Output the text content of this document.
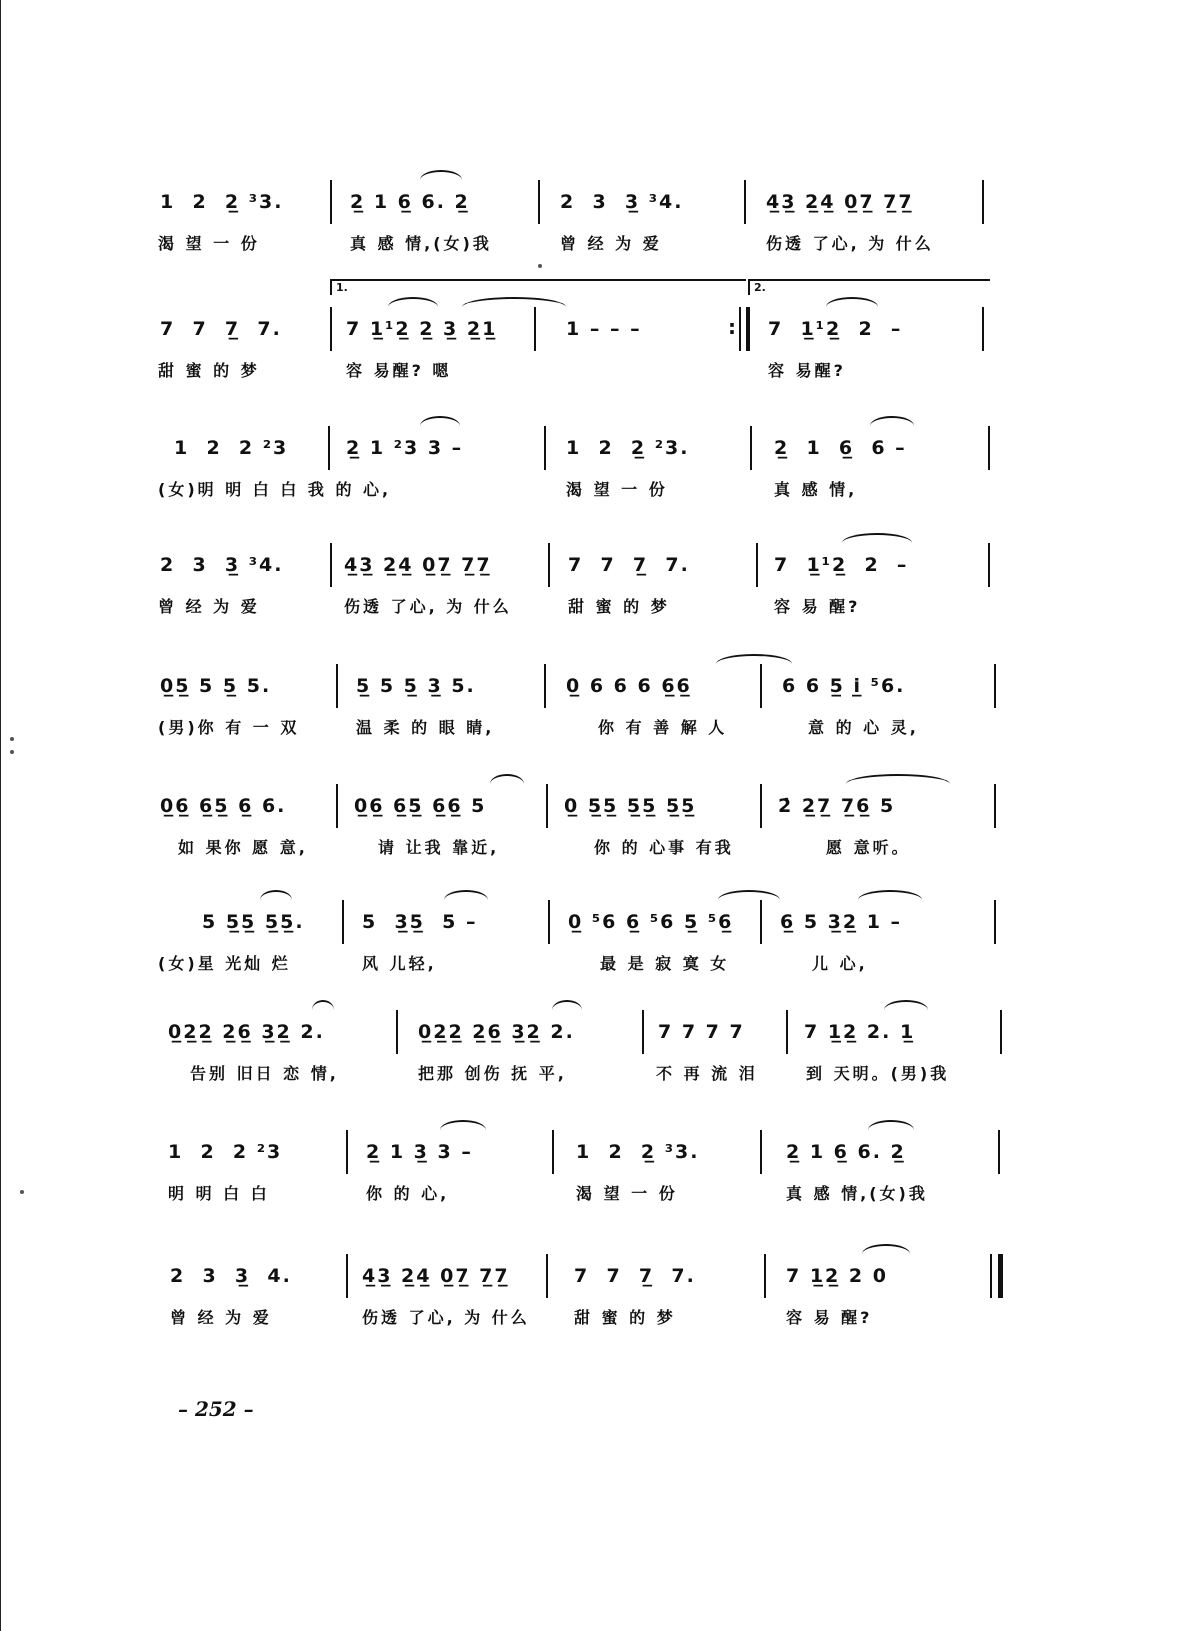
1  2  2̲ ³3.	2̲ 1 6̲ 6. 2̲	2  3  3̲ ³4.	4̲3̲ 2̲4̲ 0̲7̲ 7̲7̲
渴 望 一 份	真 感 情,(女)我	曾 经 为 爱	伤透 了心, 为 什么
1.	2.
7  7  7̲  7.	7 1̲¹2̲ 2̲ 3̲ 2̲1̲	1 – – –
:	7  1̲¹2̲  2  –
甜 蜜 的 梦	容 易醒? 嗯	容 易醒?
1  2  2 ²3	2̲ 1 ²3 3 –	1  2  2̲ ²3.	2̲  1  6̲  6 –
(女)明 明 白 白 我 的 心,	渴 望 一 份	真 感 情,
2  3  3̲ ³4.	4̲3̲ 2̲4̲ 0̲7̲ 7̲7̲	7  7  7̲  7.	7  1̲¹2̲  2  –
曾 经 为 爱	伤透 了心, 为 什么	甜 蜜 的 梦	容 易 醒?
0̲5̲ 5 5̲ 5.	5̲ 5 5̲ 3̲ 5.	0̲ 6 6 6 6̲6̲	6 6 5̲ i̲ ⁵6.
(男)你 有 一 双	温 柔 的 眼 睛,	你 有 善 解 人	意 的 心 灵,
0̲6̲ 6̲5̲ 6̲ 6.	0̲6̲ 6̲5̲ 6̲6̲ 5	0̲ 5̲5̲ 5̲5̲ 5̲5̲	2̇ 2̲7̲ 7̲6̲ 5
如 果你 愿 意,	请 让我 靠近,	你 的 心事 有我	愿 意听。
5 5̲5̲ 5̲5̲.	5  3̲5̲  5 –	0̲ ⁵6 6̲ ⁵6 5̲ ⁵6̲ 6̲ 5 3̲2̲ 1 –
(女)星 光灿 烂	风 儿轻,	最 是 寂 寞 女	儿 心,
0̲2̲2̲ 2̲6̲ 3̲2̲ 2.	0̲2̲2̲ 2̲6̲ 3̲2̲ 2.	7 7 7 7	7 1̲2̲ 2. 1̲
告别 旧日 恋 情,	把那 创伤 抚 平,	不 再 流 泪	到 天明。(男)我
1  2  2 ²3	2̲ 1 3̲ 3 –	1  2  2̲ ³3.	2̲ 1 6̲ 6. 2̲
明 明 白 白	你 的 心,	渴 望 一 份	真 感 情,(女)我
2  3  3̲  4.	4̲3̲ 2̲4̲ 0̲7̲ 7̲7̲	7  7  7̲  7.	7 1̲2̲ 2 0
曾 经 为 爱	伤透 了心, 为 什么	甜 蜜 的 梦	容 易 醒?
– 252 –
